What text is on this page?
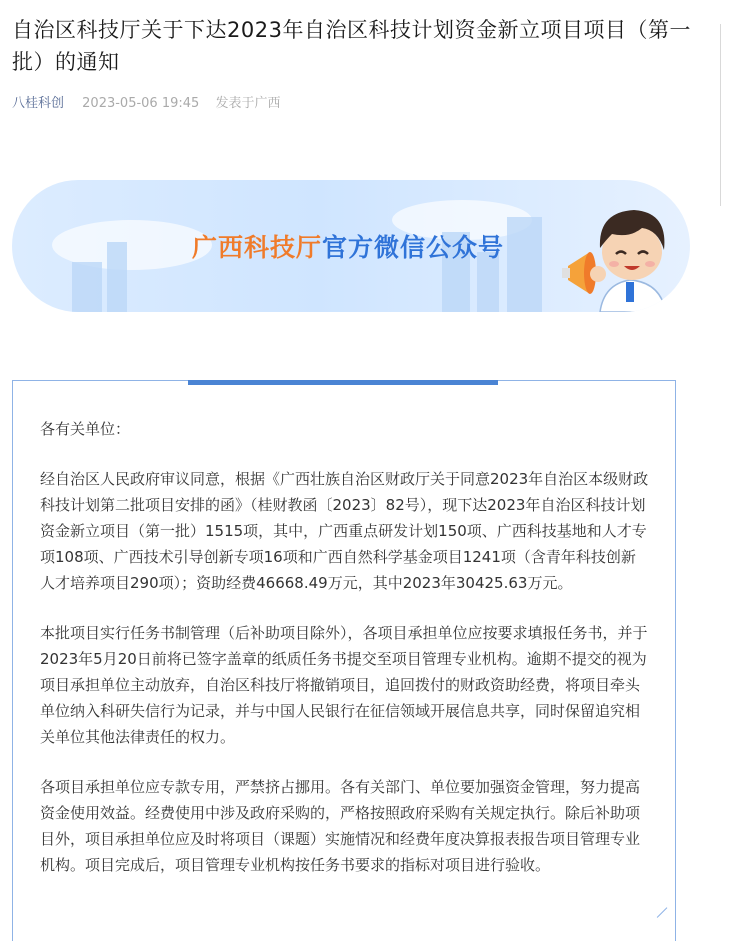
自治区科技厅关于下达2023年自治区科技计划资金新立项目项目（第一批）的通知
八桂科创 2023-05-06 19:45 发表于广西
广西科技厅官方微信公众号

各有关单位：

经自治区人民政府审议同意，根据《广西壮族自治区财政厅关于同意2023年自治区本级财政科技计划第二批项目安排的函》（桂财教函〔2023〕82号），现下达2023年自治区科技计划资金新立项目（第一批）1515项，其中，广西重点研发计划150项、广西科技基地和人才专项108项、广西技术引导创新专项16项和广西自然科学基金项目1241项（含青年科技创新人才培养项目290项）；资助经费46668.49万元，其中2023年30425.63万元。

本批项目实行任务书制管理（后补助项目除外），各项目承担单位应按要求填报任务书，并于2023年5月20日前将已签字盖章的纸质任务书提交至项目管理专业机构。逾期不提交的视为项目承担单位主动放弃，自治区科技厅将撤销项目，追回拨付的财政资助经费，将项目牵头单位纳入科研失信行为记录，并与中国人民银行在征信领域开展信息共享，同时保留追究相关单位其他法律责任的权力。

各项目承担单位应专款专用，严禁挤占挪用。各有关部门、单位要加强资金管理，努力提高资金使用效益。经费使用中涉及政府采购的，严格按照政府采购有关规定执行。除后补助项目外，项目承担单位应及时将项目（课题）实施情况和经费年度决算报表报告项目管理专业机构。项目完成后，项目管理专业机构按任务书要求的指标对项目进行验收。
